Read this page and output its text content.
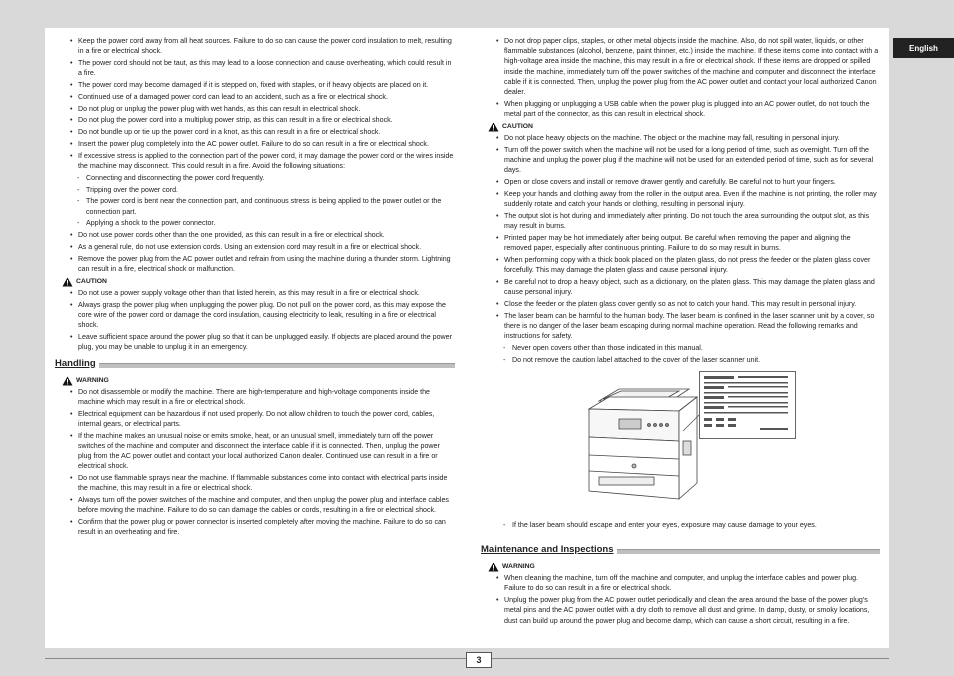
English
• Keep the power cord away from all heat sources. Failure to do so can cause the power cord insulation to melt, resulting in a fire or electrical shock.
• The power cord should not be taut, as this may lead to a loose connection and cause overheating, which could result in a fire.
• The power cord may become damaged if it is stepped on, fixed with staples, or if heavy objects are placed on it.
• Continued use of a damaged power cord can lead to an accident, such as a fire or electrical shock.
• Do not plug or unplug the power plug with wet hands, as this can result in electrical shock.
• Do not plug the power cord into a multiplug power strip, as this can result in a fire or electrical shock.
• Do not bundle up or tie up the power cord in a knot, as this can result in a fire or electrical shock.
• Insert the power plug completely into the AC power outlet. Failure to do so can result in a fire or electrical shock.
• If excessive stress is applied to the connection part of the power cord, it may damage the power cord or the wires inside the machine may disconnect. This could result in a fire. Avoid the following situations:
- Connecting and disconnecting the power cord frequently.
- Tripping over the power cord.
- The power cord is bent near the connection part, and continuous stress is being applied to the power outlet or the connection part.
- Applying a shock to the power connector.
• Do not use power cords other than the one provided, as this can result in a fire or electrical shock.
• As a general rule, do not use extension cords. Using an extension cord may result in a fire or electrical shock.
• Remove the power plug from the AC power outlet and refrain from using the machine during a thunder storm. Lightning can result in a fire, electrical shock or malfunction.
CAUTION
• Do not use a power supply voltage other than that listed herein, as this may result in a fire or electrical shock.
• Always grasp the power plug when unplugging the power plug. Do not pull on the power cord, as this may expose the core wire of the power cord or damage the cord insulation, causing electricity to leak, resulting in a fire or electrical shock.
• Leave sufficient space around the power plug so that it can be unplugged easily. If objects are placed around the power plug, you may be unable to unplug it in an emergency.
Handling
WARNING
• Do not disassemble or modify the machine. There are high-temperature and high-voltage components inside the machine which may result in a fire or electrical shock.
• Electrical equipment can be hazardous if not used properly. Do not allow children to touch the power cord, cables, internal gears, or electrical parts.
• If the machine makes an unusual noise or emits smoke, heat, or an unusual smell, immediately turn off the power switches of the machine and computer and disconnect the interface cable if it is connected. Then, unplug the power plug from the AC power outlet and contact your local authorized Canon dealer. Continued use can result in a fire or electrical shock.
• Do not use flammable sprays near the machine. If flammable substances come into contact with electrical parts inside the machine, this may result in a fire or electrical shock.
• Always turn off the power switches of the machine and computer, and then unplug the power plug and interface cables before moving the machine. Failure to do so can damage the cables or cords, resulting in a fire or electrical shock.
• Confirm that the power plug or power connector is inserted completely after moving the machine. Failure to do so can result in an overheating and fire.
• Do not drop paper clips, staples, or other metal objects inside the machine. Also, do not spill water, liquids, or other flammable substances (alcohol, benzene, paint thinner, etc.) inside the machine. If these items come into contact with a high-voltage area inside the machine, this may result in a fire or electrical shock. If these items are dropped or spilled inside the machine, immediately turn off the power switches of the machine and computer and disconnect the interface cable if it is connected. Then, unplug the power plug from the AC power outlet and contact your local authorized Canon dealer.
• When plugging or unplugging a USB cable when the power plug is plugged into an AC power outlet, do not touch the metal part of the connector, as this can result in electrical shock.
CAUTION
• Do not place heavy objects on the machine. The object or the machine may fall, resulting in personal injury.
• Turn off the power switch when the machine will not be used for a long period of time, such as overnight. Turn off the machine and unplug the power plug if the machine will not be used for an extended period of time, such as for several days.
• Open or close covers and install or remove drawer gently and carefully. Be careful not to hurt your fingers.
• Keep your hands and clothing away from the roller in the output area. Even if the machine is not printing, the roller may suddenly rotate and catch your hands or clothing, resulting in personal injury.
• The output slot is hot during and immediately after printing. Do not touch the area surrounding the output slot, as this may result in burns.
• Printed paper may be hot immediately after being output. Be careful when removing the paper and aligning the removed paper, especially after continuous printing. Failure to do so may result in burns.
• When performing copy with a thick book placed on the platen glass, do not press the feeder or the platen glass cover forcefully. This may damage the platen glass and cause personal injury.
• Be careful not to drop a heavy object, such as a dictionary, on the platen glass. This may damage the platen glass and cause personal injury.
• Close the feeder or the platen glass cover gently so as not to catch your hand. This may result in personal injury.
• The laser beam can be harmful to the human body. The laser beam is confined in the laser scanner unit by a cover, so there is no danger of the laser beam escaping during normal machine operation. Read the following remarks and instructions for safety.
- Never open covers other than those indicated in this manual.
- Do not remove the caution label attached to the cover of the laser scanner unit.
- If the laser beam should escape and enter your eyes, exposure may cause damage to your eyes.
Maintenance and Inspections
WARNING
• When cleaning the machine, turn off the machine and computer, and unplug the interface cables and power plug. Failure to do so can result in a fire or electrical shock.
• Unplug the power plug from the AC power outlet periodically and clean the area around the base of the power plug's metal pins and the AC power outlet with a dry cloth to remove all dust and grime. In damp, dusty, or smoky locations, dust can build up around the power plug and become damp, which can cause a short circuit, resulting in a fire.
3
